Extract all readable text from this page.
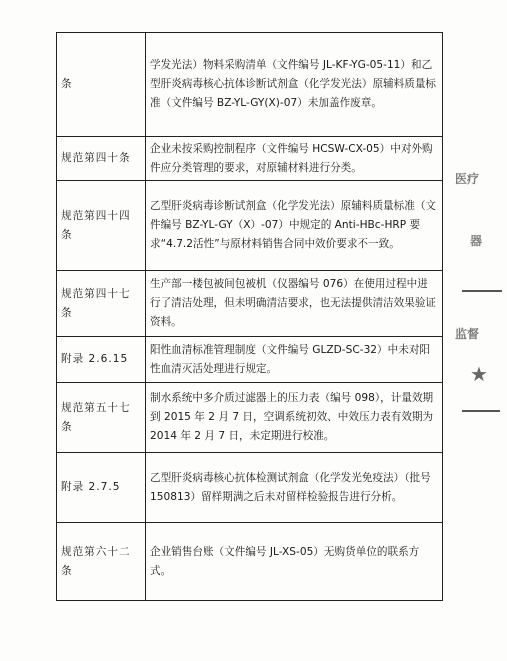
条	学发光法）物料采购清单（文件编号 JL-KF-YG-05-11）和乙型肝炎病毒核心抗体诊断试剂盒（化学发光法）原辅料质量标准（文件编号 BZ-YL-GY(X)-07）未加盖作废章。
规范第四十条	企业未按采购控制程序（文件编号 HCSW-CX-05）中对外购件应分类管理的要求，对原辅材料进行分类。
规范第四十四条	乙型肝炎病毒诊断试剂盒（化学发光法）原辅料质量标准（文件编号 BZ-YL-GY（X）-07）中规定的 Anti-HBc-HRP 要求“4.7.2活性”与原材料销售合同中效价要求不一致。
规范第四十七条	生产部一楼包被间包被机（仪器编号 076）在使用过程中进行了清洁处理，但未明确清洁要求，也无法提供清洁效果验证资料。
附录 2.6.15	阳性血清标准管理制度（文件编号 GLZD-SC-32）中未对阳性血清灭活处理进行规定。
规范第五十七条	制水系统中多介质过滤器上的压力表（编号 098），计量效期到 2015 年 2 月 7 日，空调系统初效、中效压力表有效期为 2014 年 2 月 7 日，未定期进行校准。
附录 2.7.5	乙型肝炎病毒核心抗体检测试剂盒（化学发光免疫法）（批号 150813）留样期满之后未对留样检验报告进行分析。
规范第六十二条	企业销售台账（文件编号 JL-XS-05）无购货单位的联系方式。
医疗
器
监督
★
